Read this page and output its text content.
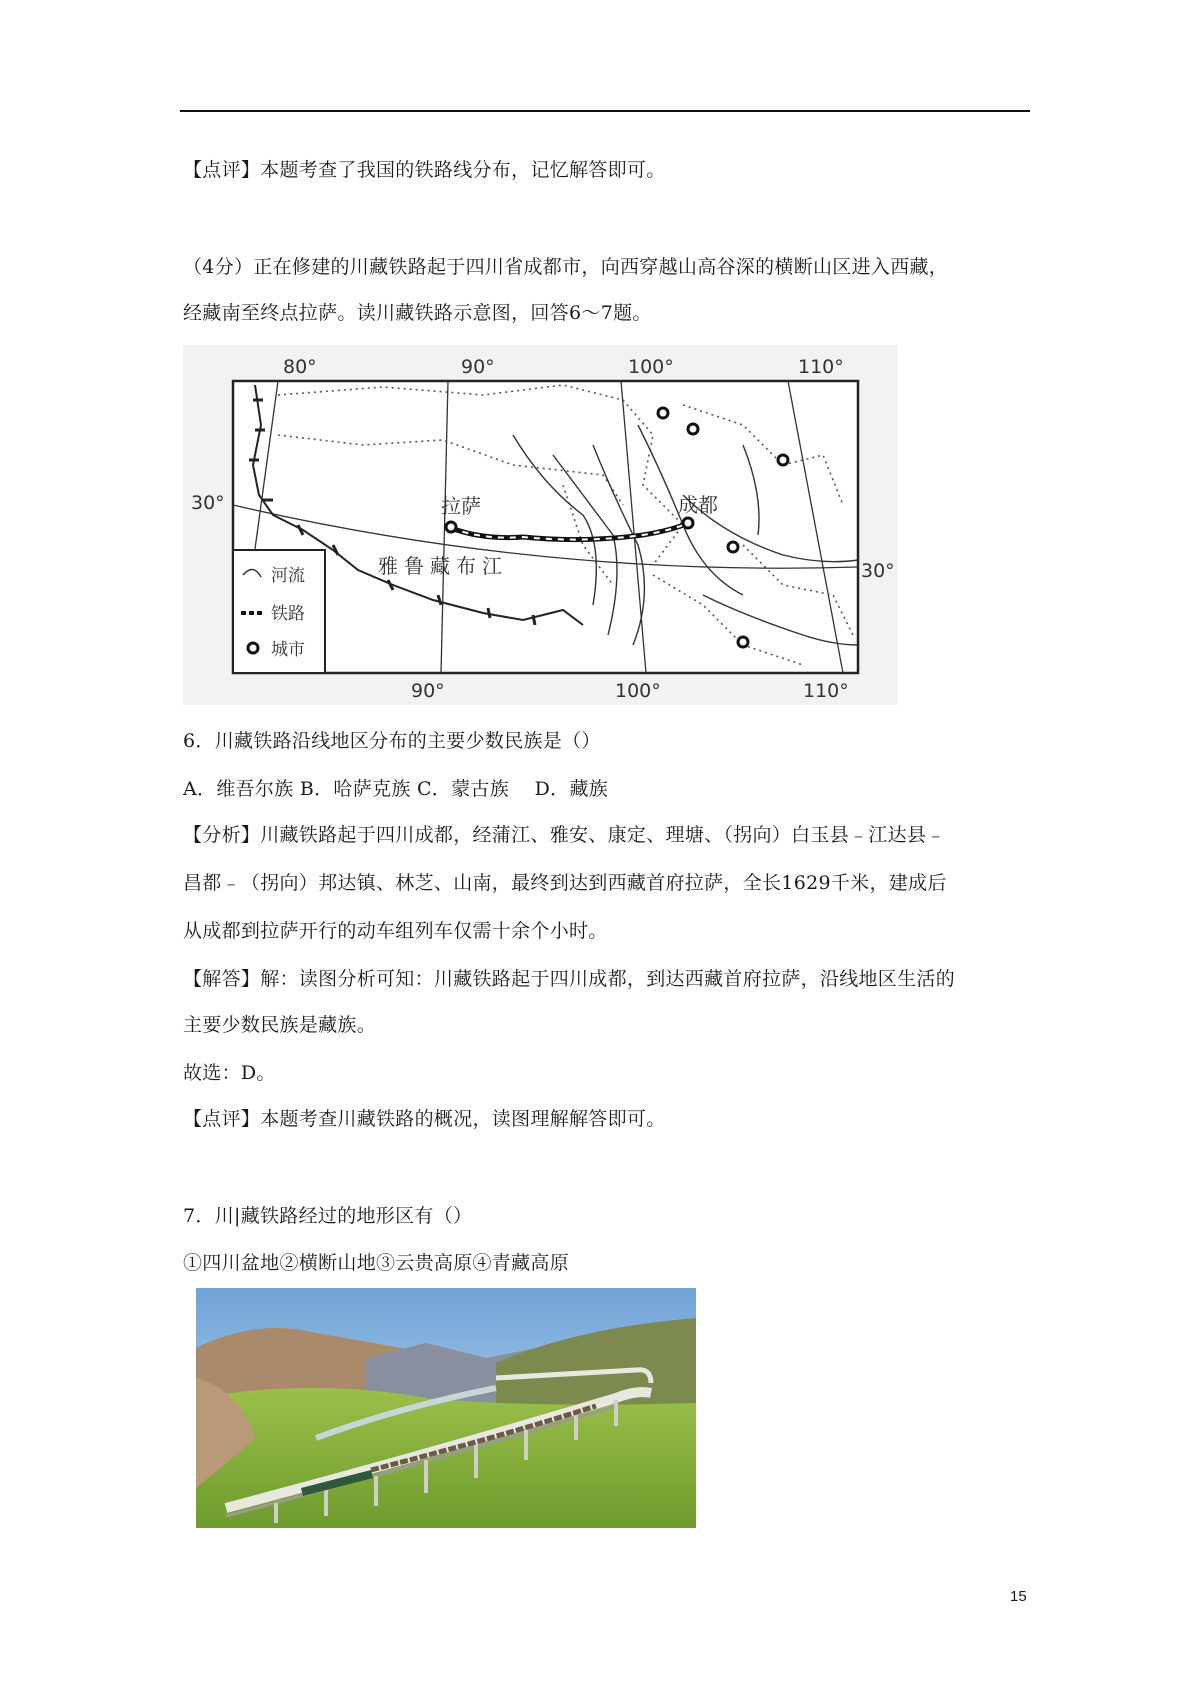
【点评】本题考查了我国的铁路线分布，记忆解答即可。
（4分）正在修建的川藏铁路起于四川省成都市，向西穿越山高谷深的横断山区进入西藏，
经藏南至终点拉萨。读川藏铁路示意图，回答6～7题。
80°	90°	100°	110°
90°	100°	110°
30°
30°
拉萨	成都
雅鲁藏布江
河流
铁路
城市
6．川藏铁路沿线地区分布的主要少数民族是（）
A．维吾尔族 B．哈萨克族 C．蒙古族　 D．藏族
【分析】川藏铁路起于四川成都，经蒲江、雅安、康定、理塘、（拐向）白玉县﹣江达县﹣
昌都﹣（拐向）邦达镇、林芝、山南，最终到达到西藏首府拉萨，全长1629千米，建成后
从成都到拉萨开行的动车组列车仅需十余个小时。
【解答】解：读图分析可知：川藏铁路起于四川成都，到达西藏首府拉萨，沿线地区生活的
主要少数民族是藏族。
故选：D。
【点评】本题考查川藏铁路的概况，读图理解解答即可。
7．川|藏铁路经过的地形区有（）
①四川盆地②横断山地③云贵高原④青藏高原
15
